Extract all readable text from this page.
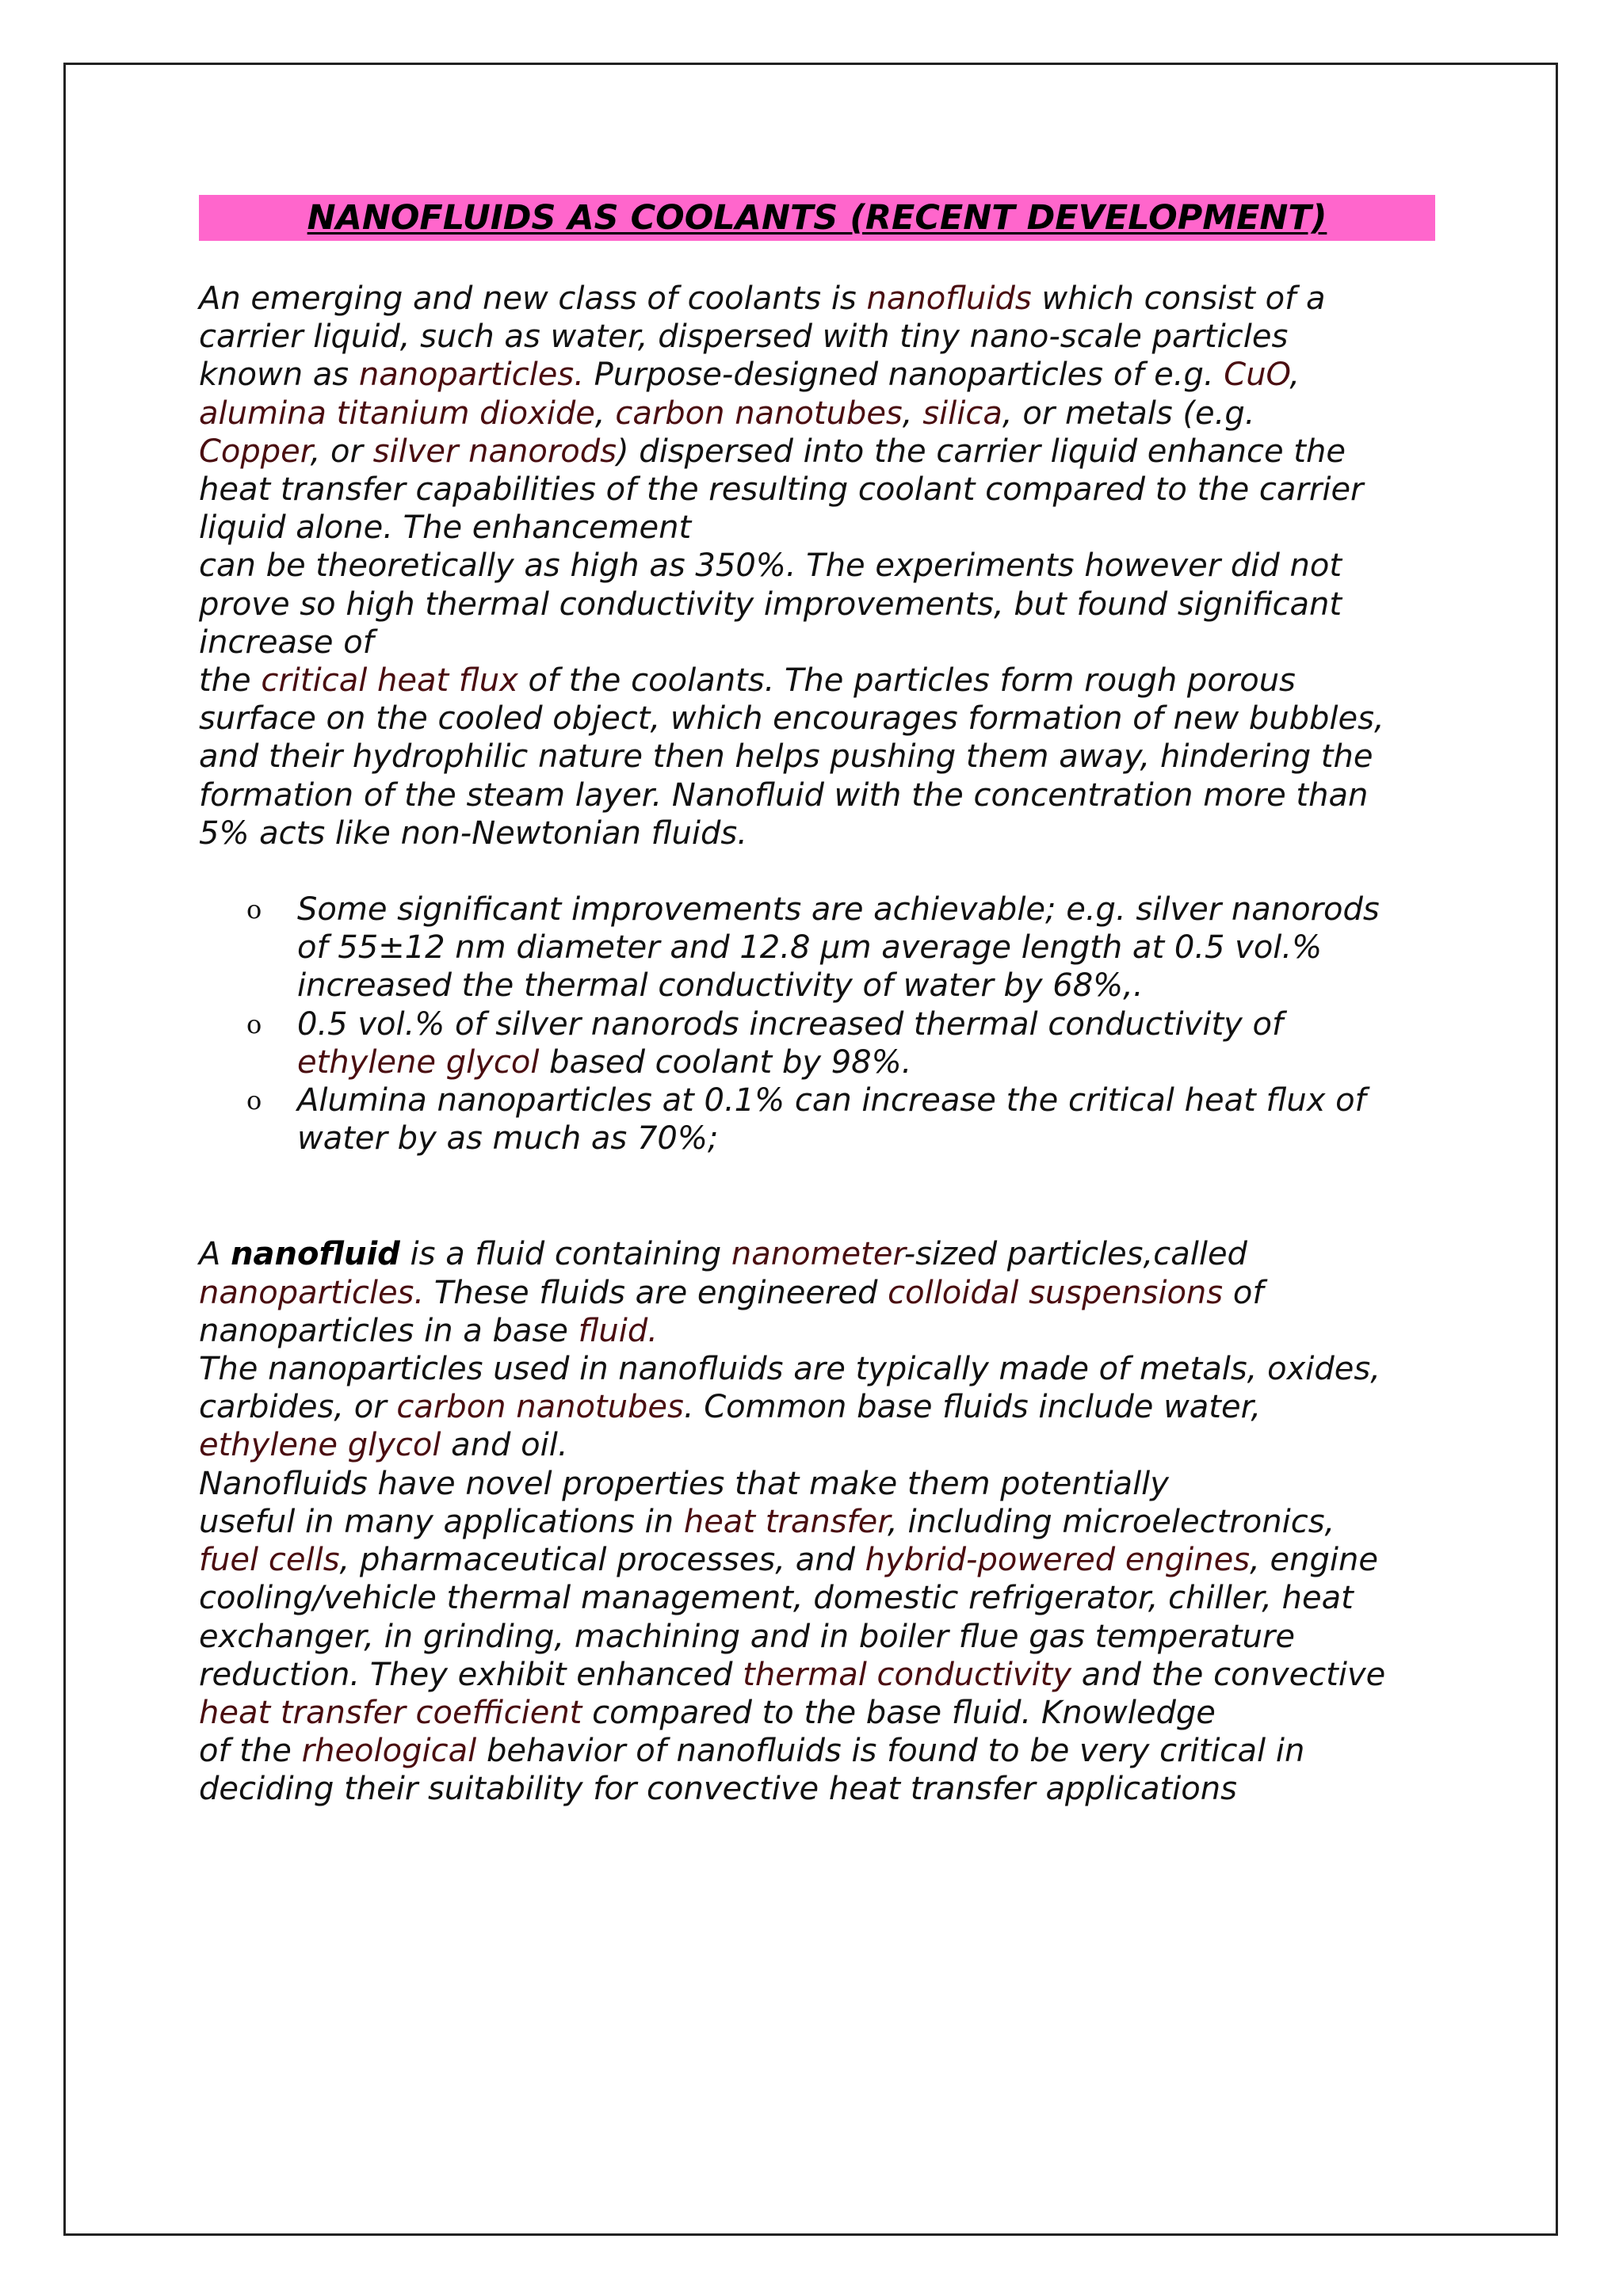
NANOFLUIDS AS COOLANTS (RECENT DEVELOPMENT)
An emerging and new class of coolants is nanofluids which consist of a
carrier liquid, such as water, dispersed with tiny nano-scale particles
known as nanoparticles. Purpose-designed nanoparticles of e.g. CuO,
alumina titanium dioxide, carbon nanotubes, silica, or metals (e.g.
Copper, or silver nanorods) dispersed into the carrier liquid enhance the
heat transfer capabilities of the resulting coolant compared to the carrier
liquid alone. The enhancement
can be theoretically as high as 350%. The experiments however did not
prove so high thermal conductivity improvements, but found significant
increase of
the critical heat flux of the coolants. The particles form rough porous
surface on the cooled object, which encourages formation of new bubbles,
and their hydrophilic nature then helps pushing them away, hindering the
formation of the steam layer. Nanofluid with the concentration more than
5% acts like non-Newtonian fluids.
o	Some significant improvements are achievable; e.g. silver nanorods
of 55±12 nm diameter and 12.8 µm average length at 0.5 vol.%
increased the thermal conductivity of water by 68%,.
o	0.5 vol.% of silver nanorods increased thermal conductivity of
ethylene glycol based coolant by 98%.
o	Alumina nanoparticles at 0.1% can increase the critical heat flux of
water by as much as 70%;
A nanofluid is a fluid containing nanometer-sized particles,called
nanoparticles. These fluids are engineered colloidal suspensions of
nanoparticles in a base fluid.
The nanoparticles used in nanofluids are typically made of metals, oxides,
carbides, or carbon nanotubes. Common base fluids include water,
ethylene glycol and oil.
Nanofluids have novel properties that make them potentially
useful in many applications in heat transfer, including microelectronics,
fuel cells, pharmaceutical processes, and hybrid-powered engines, engine
cooling/vehicle thermal management, domestic refrigerator, chiller, heat
exchanger, in grinding, machining and in boiler flue gas temperature
reduction. They exhibit enhanced thermal conductivity and the convective
heat transfer coefficient compared to the base fluid. Knowledge
of the rheological behavior of nanofluids is found to be very critical in
deciding their suitability for convective heat transfer applications
